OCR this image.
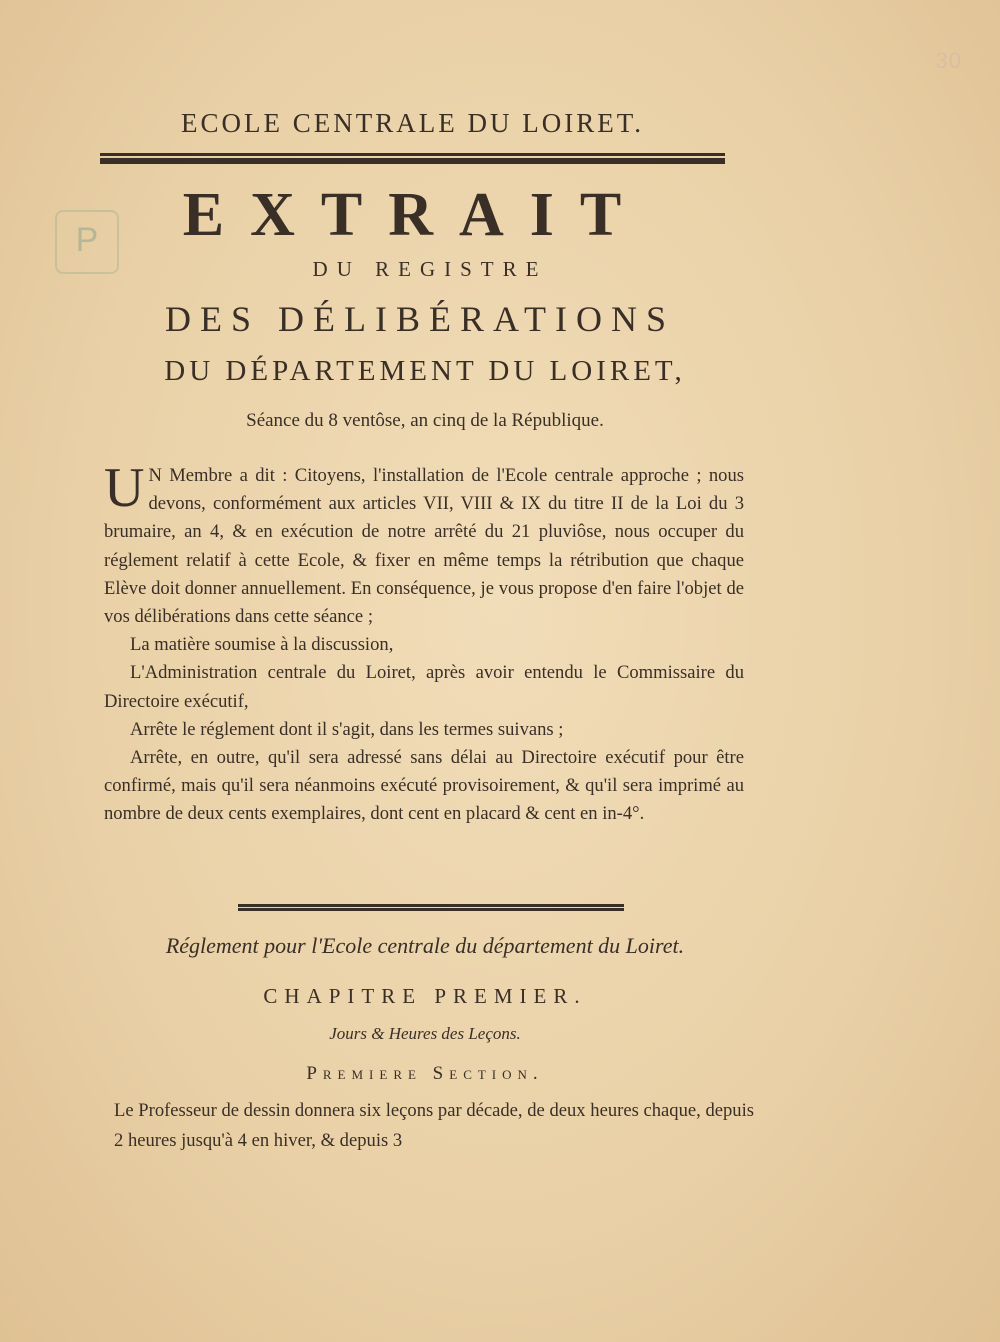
30
P
ECOLE CENTRALE DU LOIRET.
EXTRAIT
DU REGISTRE
DES DÉLIBÉRATIONS
DU DÉPARTEMENT DU LOIRET,
Séance du 8 ventôse, an cinq de la République.

U N Membre a dit : Citoyens, l'installation de l'Ecole centrale approche ; nous devons, conformément aux articles VII, VIII & IX du titre II de la Loi du 3 brumaire, an 4, & en exécution de notre arrêté du 21 pluviôse, nous occuper du réglement relatif à cette Ecole, & fixer en même temps la rétribution que chaque Elève doit donner annuellement. En conséquence, je vous propose d'en faire l'objet de vos délibérations dans cette séance ;

La matière soumise à la discussion,

L'Administration centrale du Loiret, après avoir entendu le Commissaire du Directoire exécutif,

Arrête le réglement dont il s'agit, dans les termes suivans ;

Arrête, en outre, qu'il sera adressé sans délai au Directoire exécutif pour être confirmé, mais qu'il sera néanmoins exécuté provisoirement, & qu'il sera imprimé au nombre de deux cents exemplaires, dont cent en placard & cent en in-4°.

Réglement pour l'Ecole centrale du département du Loiret.
CHAPITRE PREMIER.
Jours & Heures des Leçons.
Premiere Section.

Le Professeur de dessin donnera six leçons par décade, de deux heures chaque, depuis 2 heures jusqu'à 4 en hiver, & depuis 3
